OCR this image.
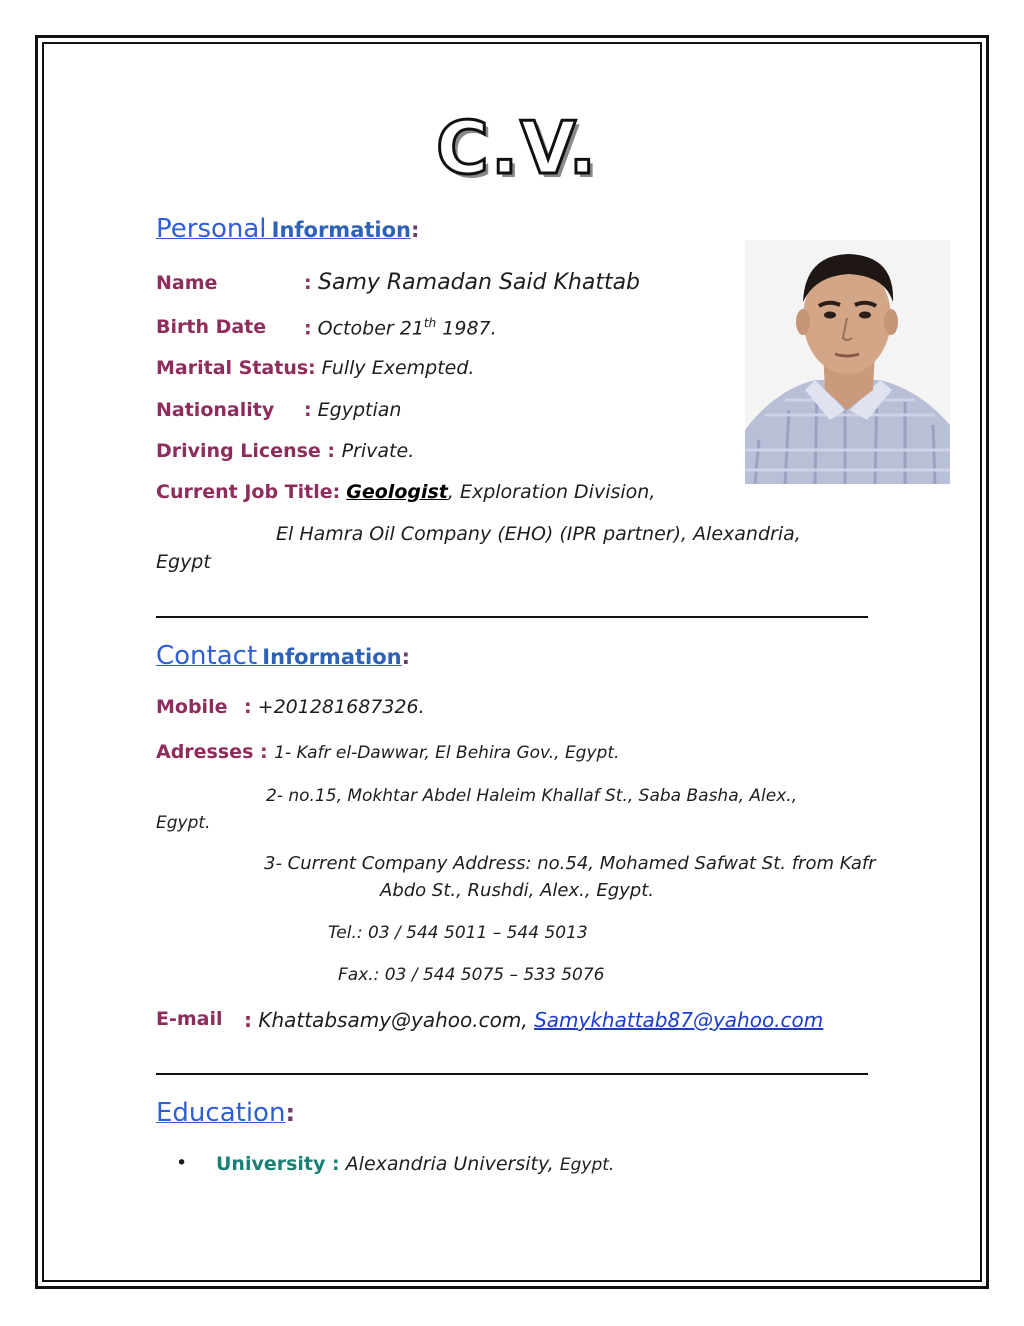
C.V.
Personal Information:
Name	: Samy Ramadan Said Khattab
Birth Date : October 21th 1987.
Marital Status : Fully Exempted.
Nationality : Egyptian
Driving License : Private.
Current Job Title: Geologist, Exploration Division,
El Hamra Oil Company (EHO) (IPR partner), Alexandria,
Egypt
Contact Information:
Mobile : +201281687326.
Adresses : 1- Kafr el-Dawwar, El Behira Gov., Egypt.
2- no.15, Mokhtar Abdel Haleim Khallaf St., Saba Basha, Alex.,
Egypt.
3- Current Company Address: no.54, Mohamed Safwat St. from Kafr
Abdo St., Rushdi, Alex., Egypt.
Tel.: 03 / 544 5011 – 544 5013
Fax.: 03 / 544 5075 – 533 5076
E-mail : Khattabsamy@yahoo.com, Samykhattab87@yahoo.com
Education:
• University : Alexandria University, Egypt.
